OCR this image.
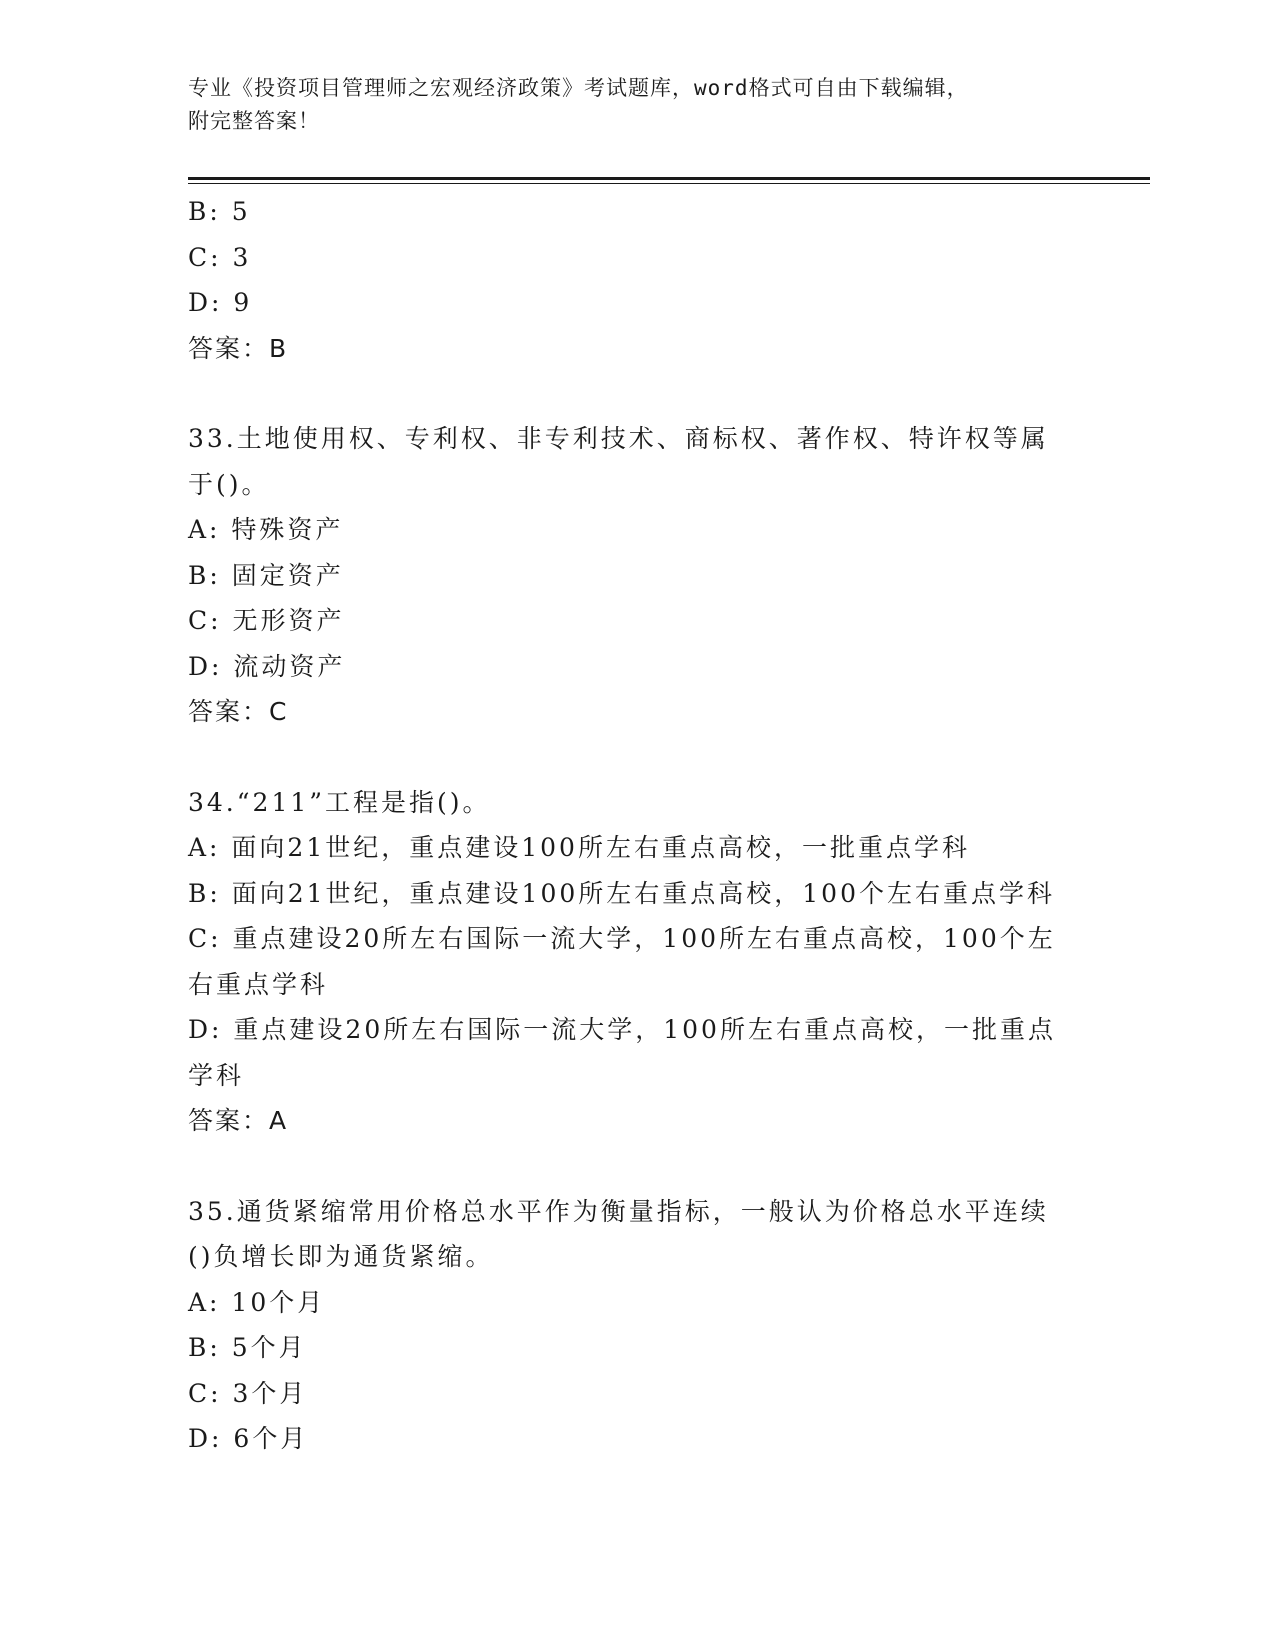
专业《投资项目管理师之宏观经济政策》考试题库，word格式可自由下载编辑，
附完整答案！
B: 5
C: 3
D: 9
答案：B
33.土地使用权、专利权、非专利技术、商标权、著作权、特许权等属
于()。
A: 特殊资产
B: 固定资产
C: 无形资产
D: 流动资产
答案：C
34.“211”工程是指()。
A: 面向21世纪，重点建设100所左右重点高校，一批重点学科
B: 面向21世纪，重点建设100所左右重点高校，100个左右重点学科
C: 重点建设20所左右国际一流大学，100所左右重点高校，100个左
右重点学科
D: 重点建设20所左右国际一流大学，100所左右重点高校，一批重点
学科
答案：A
35.通货紧缩常用价格总水平作为衡量指标，一般认为价格总水平连续
()负增长即为通货紧缩。
A: 10个月
B: 5个月
C: 3个月
D: 6个月
